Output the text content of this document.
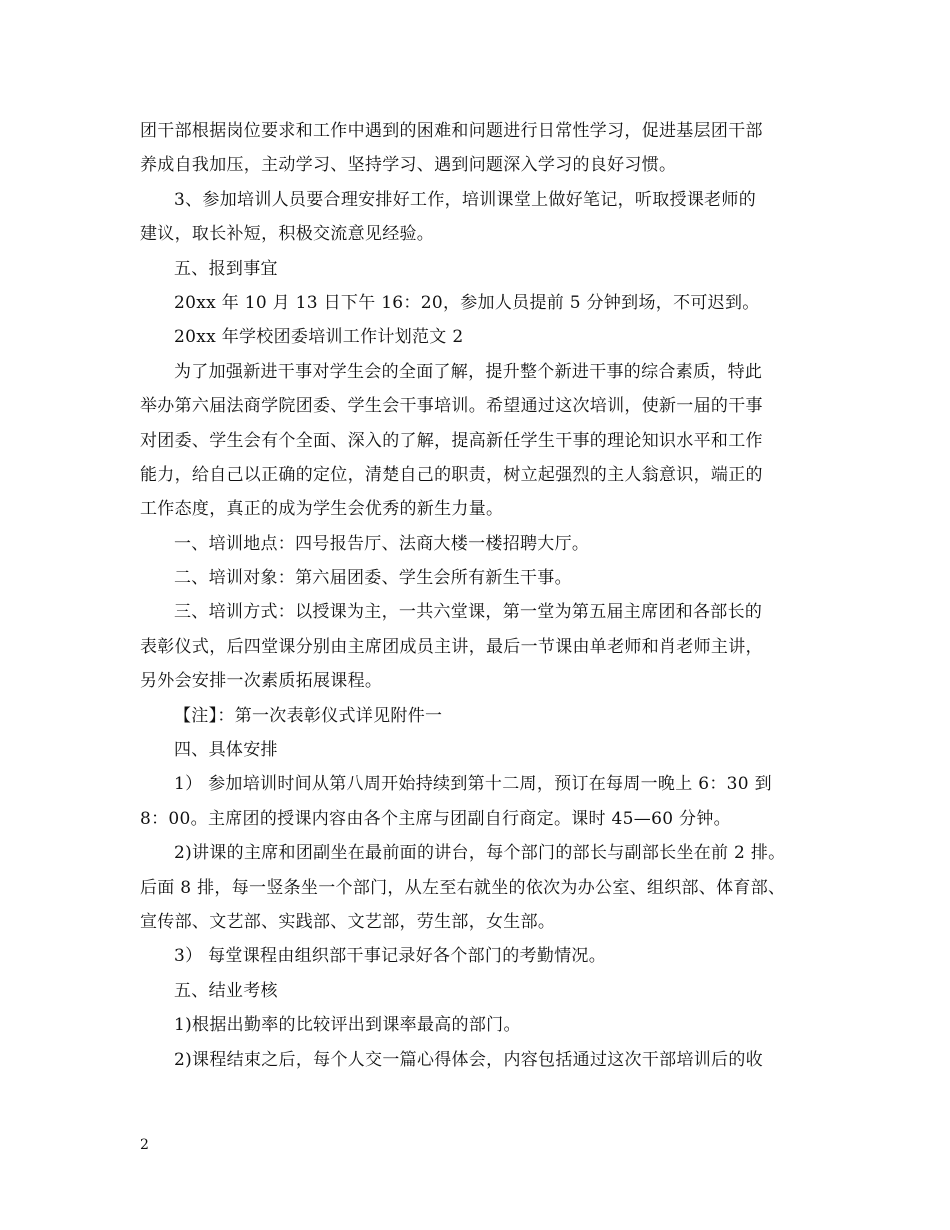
团干部根据岗位要求和工作中遇到的困难和问题进行日常性学习，促进基层团干部
养成自我加压，主动学习、坚持学习、遇到问题深入学习的良好习惯。
3、参加培训人员要合理安排好工作，培训课堂上做好笔记，听取授课老师的
建议，取长补短，积极交流意见经验。
五、报到事宜
20xx 年 10 月 13 日下午 16：20，参加人员提前 5 分钟到场，不可迟到。
20xx 年学校团委培训工作计划范文 2
为了加强新进干事对学生会的全面了解，提升整个新进干事的综合素质，特此
举办第六届法商学院团委、学生会干事培训。希望通过这次培训，使新一届的干事
对团委、学生会有个全面、深入的了解，提高新任学生干事的理论知识水平和工作
能力，给自己以正确的定位，清楚自己的职责，树立起强烈的主人翁意识，端正的
工作态度，真正的成为学生会优秀的新生力量。
一、培训地点：四号报告厅、法商大楼一楼招聘大厅。
二、培训对象：第六届团委、学生会所有新生干事。
三、培训方式：以授课为主，一共六堂课，第一堂为第五届主席团和各部长的
表彰仪式，后四堂课分别由主席团成员主讲，最后一节课由单老师和肖老师主讲，
另外会安排一次素质拓展课程。
【注】：第一次表彰仪式详见附件一
四、具体安排
1） 参加培训时间从第八周开始持续到第十二周，预订在每周一晚上 6：30 到
8：00。主席团的授课内容由各个主席与团副自行商定。课时 45—60 分钟。
2)讲课的主席和团副坐在最前面的讲台，每个部门的部长与副部长坐在前 2 排。
后面 8 排，每一竖条坐一个部门，从左至右就坐的依次为办公室、组织部、体育部、
宣传部、文艺部、实践部、文艺部，劳生部，女生部。
3） 每堂课程由组织部干事记录好各个部门的考勤情况。
五、结业考核
1)根据出勤率的比较评出到课率最高的部门。
2)课程结束之后，每个人交一篇心得体会，内容包括通过这次干部培训后的收
2
